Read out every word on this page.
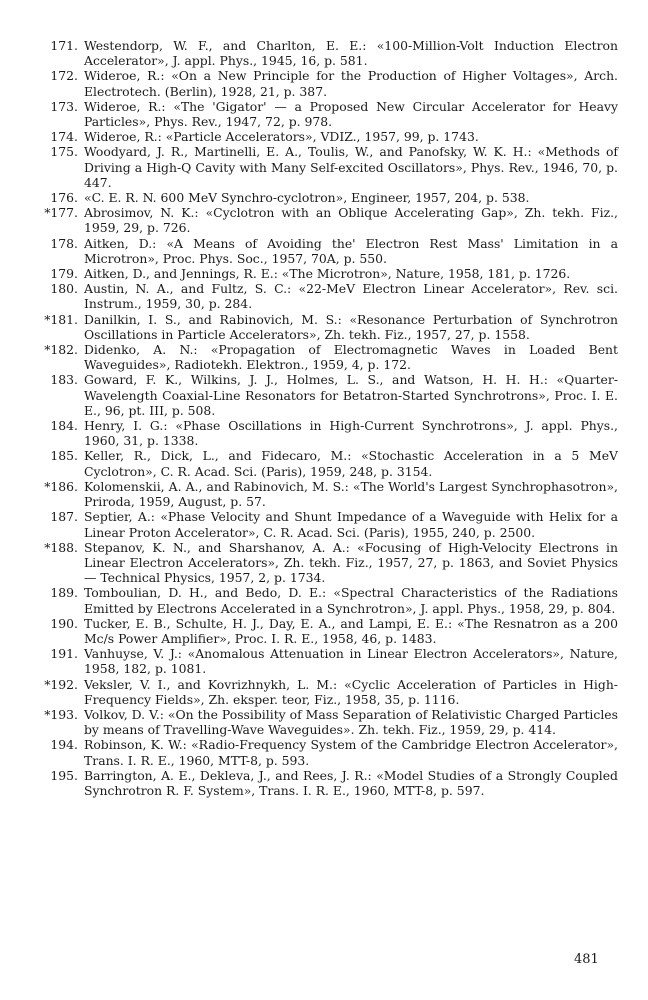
171. Westendorp, W. F., and Charlton, E. E.: «100-Million-Volt Induction Electron Accelerator», J. appl. Phys., 1945, 16, p. 581.
172. Wideroe, R.: «On a New Principle for the Production of Higher Voltages», Arch. Electrotech. (Berlin), 1928, 21, p. 387.
173. Wideroe, R.: «The 'Gigator' — a Proposed New Circular Accelerator for Heavy Particles», Phys. Rev., 1947, 72, p. 978.
174. Wideroe, R.: «Particle Accelerators», VDIZ., 1957, 99, p. 1743.
175. Woodyard, J. R., Martinelli, E. A., Toulis, W., and Panofsky, W. K. H.: «Methods of Driving a High-Q Cavity with Many Self-excited Oscillators», Phys. Rev., 1946, 70, p. 447.
176. «C. E. R. N. 600 MeV Synchro-cyclotron», Engineer, 1957, 204, p. 538.
*177. Abrosimov, N. K.: «Cyclotron with an Oblique Accelerating Gap», Zh. tekh. Fiz., 1959, 29, p. 726.
178. Aitken, D.: «A Means of Avoiding the' Electron Rest Mass' Limitation in a Microtron», Proc. Phys. Soc., 1957, 70A, p. 550.
179. Aitken, D., and Jennings, R. E.: «The Microtron», Nature, 1958, 181, p. 1726.
180. Austin, N. A., and Fultz, S. C.: «22-MeV Electron Linear Accelerator», Rev. sci. Instrum., 1959, 30, p. 284.
*181. Danilkin, I. S., and Rabinovich, M. S.: «Resonance Perturbation of Synchrotron Oscillations in Particle Accelerators», Zh. tekh. Fiz., 1957, 27, p. 1558.
*182. Didenko, A. N.: «Propagation of Electromagnetic Waves in Loaded Bent Waveguides», Radiotekh. Elektron., 1959, 4, p. 172.
183. Goward, F. K., Wilkins, J. J., Holmes, L. S., and Watson, H. H. H.: «Quarter-Wavelength Coaxial-Line Resonators for Betatron-Started Synchrotrons», Proc. I. E. E., 96, pt. III, p. 508.
184. Henry, I. G.: «Phase Oscillations in High-Current Synchrotrons», J. appl. Phys., 1960, 31, p. 1338.
185. Keller, R., Dick, L., and Fidecaro, M.: «Stochastic Acceleration in a 5 MeV Cyclotron», C. R. Acad. Sci. (Paris), 1959, 248, p. 3154.
*186. Kolomenskii, A. A., and Rabinovich, M. S.: «The World's Largest Synchrophasotron», Priroda, 1959, August, p. 57.
187. Septier, A.: «Phase Velocity and Shunt Impedance of a Waveguide with Helix for a Linear Proton Accelerator», C. R. Acad. Sci. (Paris), 1955, 240, p. 2500.
*188. Stepanov, K. N., and Sharshanov, A. A.: «Focusing of High-Velocity Electrons in Linear Electron Accelerators», Zh. tekh. Fiz., 1957, 27, p. 1863, and Soviet Physics — Technical Physics, 1957, 2, p. 1734.
189. Tomboulian, D. H., and Bedo, D. E.: «Spectral Characteristics of the Radiations Emitted by Electrons Accelerated in a Synchrotron», J. appl. Phys., 1958, 29, p. 804.
190. Tucker, E. B., Schulte, H. J., Day, E. A., and Lampi, E. E.: «The Resnatron as a 200 Mc/s Power Amplifier», Proc. I. R. E., 1958, 46, p. 1483.
191. Vanhuyse, V. J.: «Anomalous Attenuation in Linear Electron Accelerators», Nature, 1958, 182, p. 1081.
*192. Veksler, V. I., and Kovrizhnykh, L. M.: «Cyclic Acceleration of Particles in High-Frequency Fields», Zh. eksper. teor, Fiz., 1958, 35, p. 1116.
*193. Volkov, D. V.: «On the Possibility of Mass Separation of Relativistic Charged Particles by means of Travelling-Wave Waveguides». Zh. tekh. Fiz., 1959, 29, p. 414.
194. Robinson, K. W.: «Radio-Frequency System of the Cambridge Electron Accelerator», Trans. I. R. E., 1960, MTT-8, p. 593.
195. Barrington, A. E., Dekleva, J., and Rees, J. R.: «Model Studies of a Strongly Coupled Synchrotron R. F. System», Trans. I. R. E., 1960, MTT-8, p. 597.
481
